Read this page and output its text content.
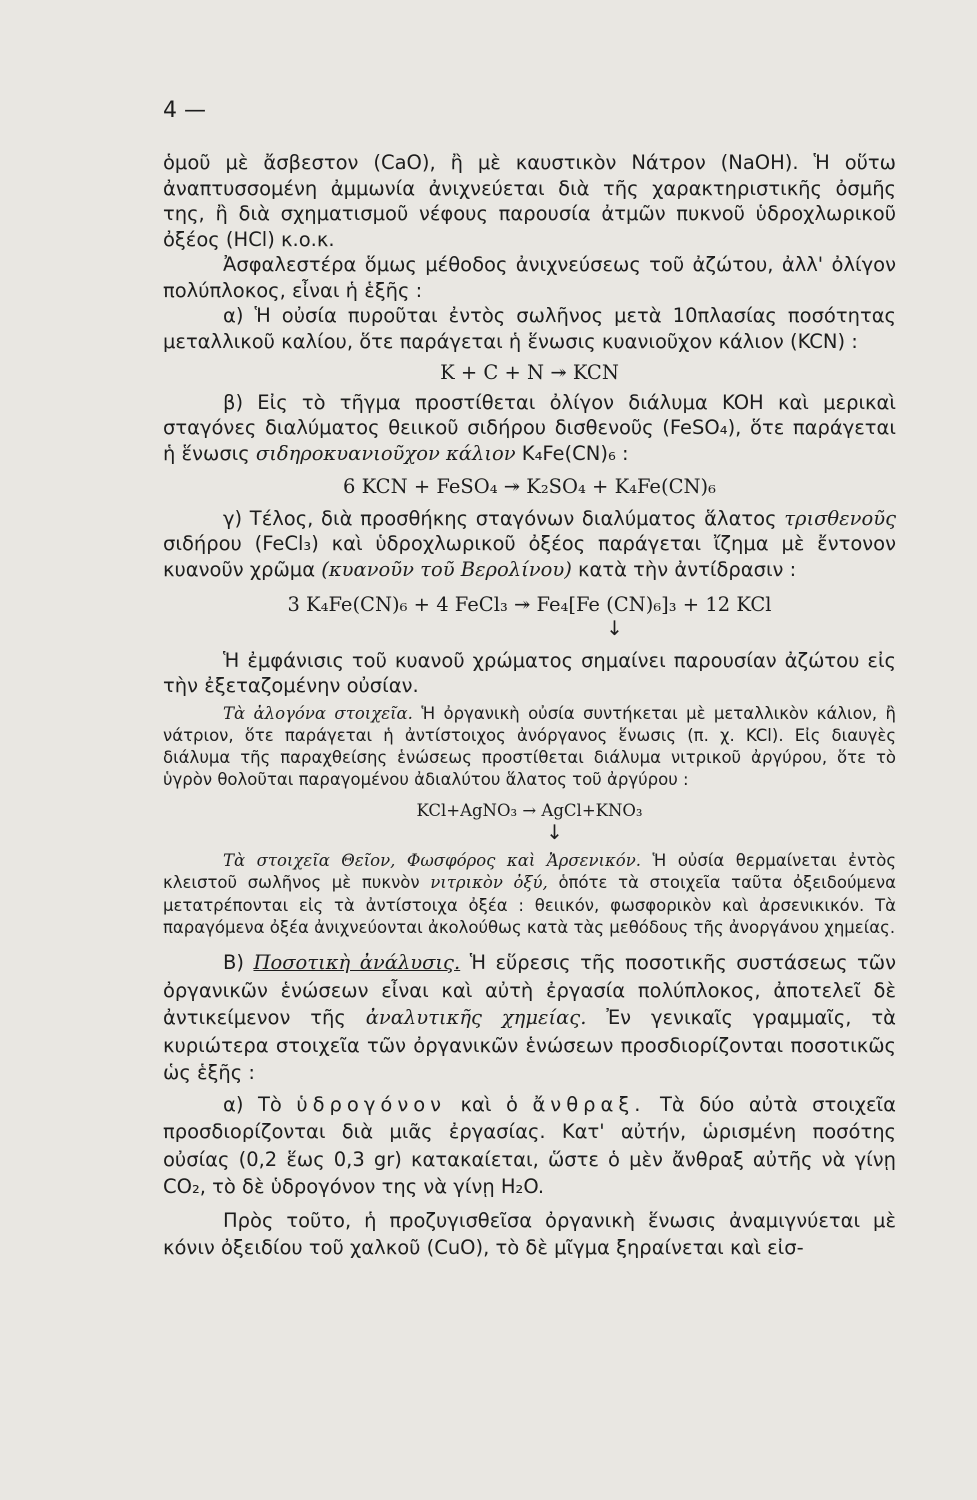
4 —

ὁμοῦ μὲ ἄσβεστον (CaO), ἢ μὲ καυστικὸν Νάτρον (NaOH). Ἡ οὕτω ἀναπτυσσομένη ἀμμωνία ἀνιχνεύεται διὰ τῆς χαρακτηριστικῆς ὀσμῆς της, ἢ διὰ σχηματισμοῦ νέφους παρουσία ἀτμῶν πυκνοῦ ὑδροχλωρικοῦ ὀξέος (HCl) κ.ο.κ.

Ἀσφαλεστέρα ὅμως μέθοδος ἀνιχνεύσεως τοῦ ἀζώτου, ἀλλ' ὀλίγον πολύπλοκος, εἶναι ἡ ἑξῆς :

α) Ἡ οὐσία πυροῦται ἐντὸς σωλῆνος μετὰ 10πλασίας ποσότητας μεταλλικοῦ καλίου, ὅτε παράγεται ἡ ἕνωσις κυανιοῦχον κάλιον (KCN) :

K + C + N ↠ KCN

β) Εἰς τὸ τῆγμα προστίθεται ὀλίγον διάλυμα KOH καὶ μερικαὶ σταγόνες διαλύματος θειικοῦ σιδήρου δισθενοῦς (FeSO₄), ὅτε παράγεται ἡ ἕνωσις σιδηροκυανιοῦχον κάλιον K₄Fe(CN)₆ :

6 KCN + FeSO₄ ↠ K₂SO₄ + K₄Fe(CN)₆

γ) Τέλος, διὰ προσθήκης σταγόνων διαλύματος ἅλατος τρισθενοῦς σιδήρου (FeCl₃) καὶ ὑδροχλωρικοῦ ὀξέος παράγεται ἴζημα μὲ ἔντονον κυανοῦν χρῶμα (κυανοῦν τοῦ Βερολίνου) κατὰ τὴν ἀντίδρασιν :

3 K₄Fe(CN)₆ + 4 FeCl₃ ↠ Fe₄[Fe (CN)₆]₃ + 12 KCl

↓

Ἡ ἐμφάνισις τοῦ κυανοῦ χρώματος σημαίνει παρουσίαν ἀζώτου εἰς τὴν ἐξεταζομένην οὐσίαν.

Τὰ ἀλογόνα στοιχεῖα. Ἡ ὀργανικὴ οὐσία συντήκεται μὲ μεταλλικὸν κάλιον, ἢ νάτριον, ὅτε παράγεται ἡ ἀντίστοιχος ἀνόργανος ἕνωσις (π. χ. KCl). Εἰς διαυγὲς διάλυμα τῆς παραχθείσης ἑνώσεως προστίθεται διάλυμα νιτρικοῦ ἀργύρου, ὅτε τὸ ὑγρὸν θολοῦται παραγομένου ἀδιαλύτου ἅλατος τοῦ ἀργύρου :

KCl+AgNO₃ → AgCl+KNO₃

↓

Τὰ στοιχεῖα Θεῖον, Φωσφόρος καὶ Ἀρσενικόν. Ἡ οὐσία θερμαίνεται ἐντὸς κλειστοῦ σωλῆνος μὲ πυκνὸν νιτρικὸν ὀξύ, ὁπότε τὰ στοιχεῖα ταῦτα ὀξειδούμενα μετατρέπονται εἰς τὰ ἀντίστοιχα ὀξέα : θειικόν, φωσφορικὸν καὶ ἀρσενικικόν. Τὰ παραγόμενα ὀξέα ἀνιχνεύονται ἀκολούθως κατὰ τὰς μεθόδους τῆς ἀνοργάνου χημείας.

Β) Ποσοτικὴ ἀνάλυσις. Ἡ εὕρεσις τῆς ποσοτικῆς συστάσεως τῶν ὀργανικῶν ἑνώσεων εἶναι καὶ αὐτὴ ἐργασία πολύπλοκος, ἀποτελεῖ δὲ ἀντικείμενον τῆς ἀναλυτικῆς χημείας. Ἐν γενικαῖς γραμμαῖς, τὰ κυριώτερα στοιχεῖα τῶν ὀργανικῶν ἑνώσεων προσδιορίζονται ποσοτικῶς ὡς ἑξῆς :

α) Τὸ ὑδρογόνον καὶ ὁ ἄνθραξ. Τὰ δύο αὐτὰ στοιχεῖα προσδιορίζονται διὰ μιᾶς ἐργασίας. Κατ' αὐτήν, ὡρισμένη ποσότης οὐσίας (0,2 ἕως 0,3 gr) κατακαίεται, ὥστε ὁ μὲν ἄνθραξ αὐτῆς νὰ γίνῃ CO₂, τὸ δὲ ὑδρογόνον της νὰ γίνῃ H₂O.

Πρὸς τοῦτο, ἡ προζυγισθεῖσα ὀργανικὴ ἕνωσις ἀναμιγνύεται μὲ κόνιν ὀξειδίου τοῦ χαλκοῦ (CuO), τὸ δὲ μῖγμα ξηραίνεται καὶ εἰσ-
